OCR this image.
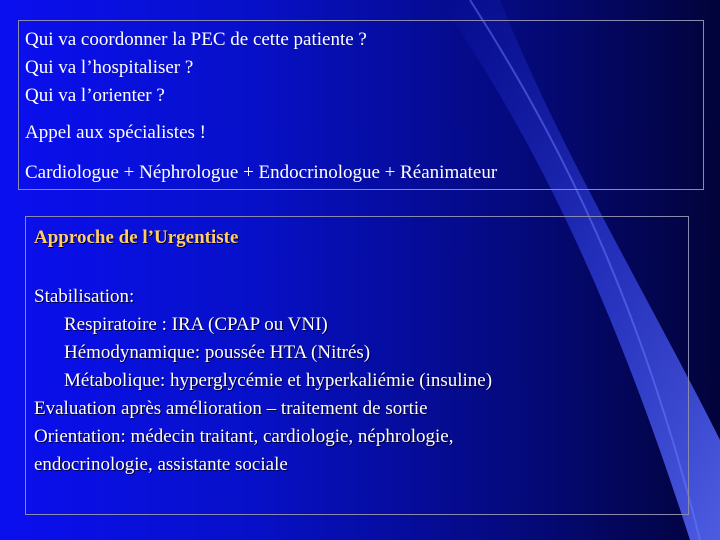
Qui va coordonner la PEC de cette patiente ?
Qui va l’hospitaliser ?
Qui va l’orienter ?
Appel aux spécialistes !
Cardiologue + Néphrologue + Endocrinologue + Réanimateur
Approche de l’Urgentiste
Stabilisation:
Respiratoire : IRA (CPAP ou VNI)
Hémodynamique: poussée HTA (Nitrés)
Métabolique: hyperglycémie et hyperkaliémie (insuline)
Evaluation après amélioration – traitement de sortie
Orientation: médecin traitant, cardiologie, néphrologie,
endocrinologie, assistante sociale
